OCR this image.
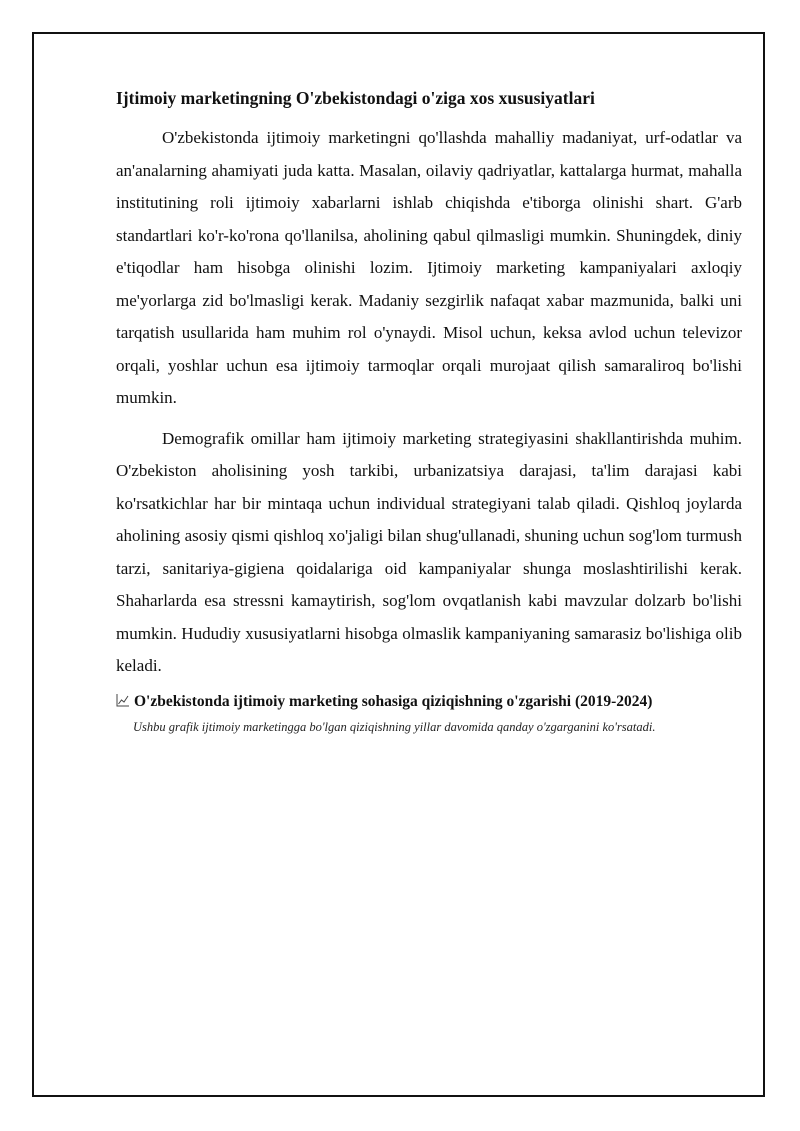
Ijtimoiy marketingning O'zbekistondagi o'ziga xos xususiyatlari

O'zbekistonda ijtimoiy marketingni qo'llashda mahalliy madaniyat, urf-odatlar va an'analarning ahamiyati juda katta. Masalan, oilaviy qadriyatlar, kattalarga hurmat, mahalla institutining roli ijtimoiy xabarlarni ishlab chiqishda e'tiborga olinishi shart. G'arb standartlari ko'r-ko'rona qo'llanilsa, aholining qabul qilmasligi mumkin. Shuningdek, diniy e'tiqodlar ham hisobga olinishi lozim. Ijtimoiy marketing kampaniyalari axloqiy me'yorlarga zid bo'lmasligi kerak. Madaniy sezgirlik nafaqat xabar mazmunida, balki uni tarqatish usullarida ham muhim rol o'ynaydi. Misol uchun, keksa avlod uchun televizor orqali, yoshlar uchun esa ijtimoiy tarmoqlar orqali murojaat qilish samaraliroq bo'lishi mumkin.

Demografik omillar ham ijtimoiy marketing strategiyasini shakllantirishda muhim. O'zbekiston aholisining yosh tarkibi, urbanizatsiya darajasi, ta'lim darajasi kabi ko'rsatkichlar har bir mintaqa uchun individual strategiyani talab qiladi. Qishloq joylarda aholining asosiy qismi qishloq xo'jaligi bilan shug'ullanadi, shuning uchun sog'lom turmush tarzi, sanitariya-gigiena qoidalariga oid kampaniyalar shunga moslashtirilishi kerak. Shaharlarda esa stressni kamaytirish, sog'lom ovqatlanish kabi mavzular dolzarb bo'lishi mumkin. Hududiy xususiyatlarni hisobga olmaslik kampaniyaning samarasiz bo'lishiga olib keladi.

O'zbekistonda ijtimoiy marketing sohasiga qiziqishning o'zgarishi (2019-2024)
Ushbu grafik ijtimoiy marketingga bo'lgan qiziqishning yillar davomida qanday o'zgarganini ko'rsatadi.
